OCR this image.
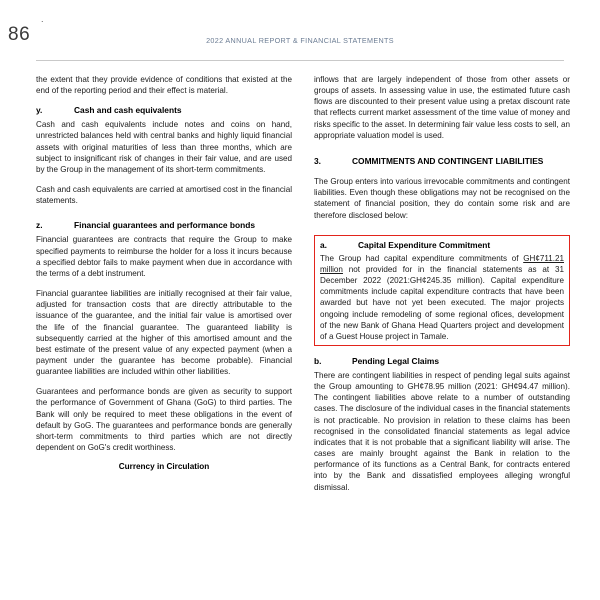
.
86	2022 ANNUAL REPORT & FINANCIAL STATEMENTS

the extent that they provide evidence of conditions that existed at the end of the reporting period and their effect is material.

y.	Cash and cash equivalents

Cash and cash equivalents include notes and coins on hand, unrestricted balances held with central banks and highly liquid financial assets with original maturities of less than three months, which are subject to insignificant risk of changes in their fair value, and are used by the Group in the management of its short-term commitments.

Cash and cash equivalents are carried at amortised cost in the financial statements.

z.	Financial guarantees and performance bonds

Financial guarantees are contracts that require the Group to make specified payments to reimburse the holder for a loss it incurs because a specified debtor fails to make payment when due in accordance with the terms of a debt instrument.

Financial guarantee liabilities are initially recognised at their fair value, adjusted for transaction costs that are directly attributable to the issuance of the guarantee, and the initial fair value is amortised over the life of the financial guarantee. The guaranteed liability is subsequently carried at the higher of this amortised amount and the best estimate of the present value of any expected payment (when a payment under the guarantee has become probable). Financial guarantee liabilities are included within other liabilities.

Guarantees and performance bonds are given as security to support the performance of Government of Ghana (GoG) to third parties. The Bank will only be required to meet these obligations in the event of default by GoG. The guarantees and performance bonds are generally short-term commitments to third parties which are not directly dependent on GoG's credit worthiness.

Currency in Circulation

inflows that are largely independent of those from other assets or groups of assets. In assessing value in use, the estimated future cash flows are discounted to their present value using a pretax discount rate that reflects current market assessment of the time value of money and risks specific to the asset. In determining fair value less costs to sell, an appropriate valuation model is used.

3.	COMMITMENTS AND CONTINGENT LIABILITIES

The Group enters into various irrevocable commitments and contingent liabilities. Even though these obligations may not be recognised on the statement of financial position, they do contain some risk and are therefore disclosed below:

a.	Capital Expenditure Commitment

The Group had capital expenditure commitments of GH¢711.21 million not provided for in the financial statements as at 31 December 2022 (2021:GH¢245.35 million). Capital expenditure commitments include capital expenditure contracts that have been awarded but have not yet been executed. The major projects ongoing include remodeling of some regional ofices, development of the new Bank of Ghana Head Quarters project and development of a Guest House project in Tamale.

b.	Pending Legal Claims

There are contingent liabilities in respect of pending legal suits against the Group amounting to GH¢78.95 million (2021: GH¢94.47 million). The contingent liabilities above relate to a number of outstanding cases. The disclosure of the individual cases in the financial statements is not practicable. No provision in relation to these claims has been recognised in the consolidated financial statements as legal advice indicates that it is not probable that a significant liability will arise. The cases are mainly brought against the Bank in relation to the performance of its functions as a Central Bank, for contracts entered into by the Bank and dissatisfied employees alleging wrongful dismissal.
